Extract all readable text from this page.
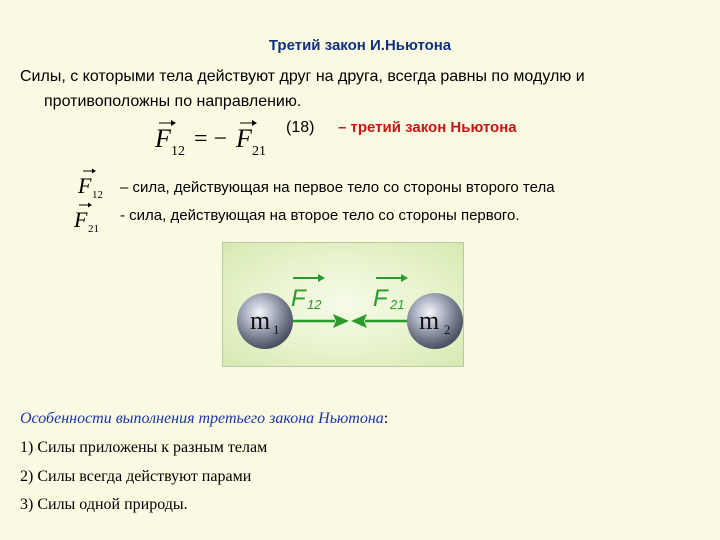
Третий закон И.Ньютона
Силы, с которыми тела действуют друг на друга, всегда равны по модулю и
противоположны по направлению.
F 12 = − F 21
(18) – третий закон Ньютона
F 12 – сила, действующая на первое тело со стороны второго тела
F 21
- сила, действующая на второе тело со стороны первого.
m 1	m 2
F 12 F 21
Особенности выполнения третьего закона Ньютона:
1) Силы приложены к разным телам
2) Силы всегда действуют парами
3) Силы одной природы.
